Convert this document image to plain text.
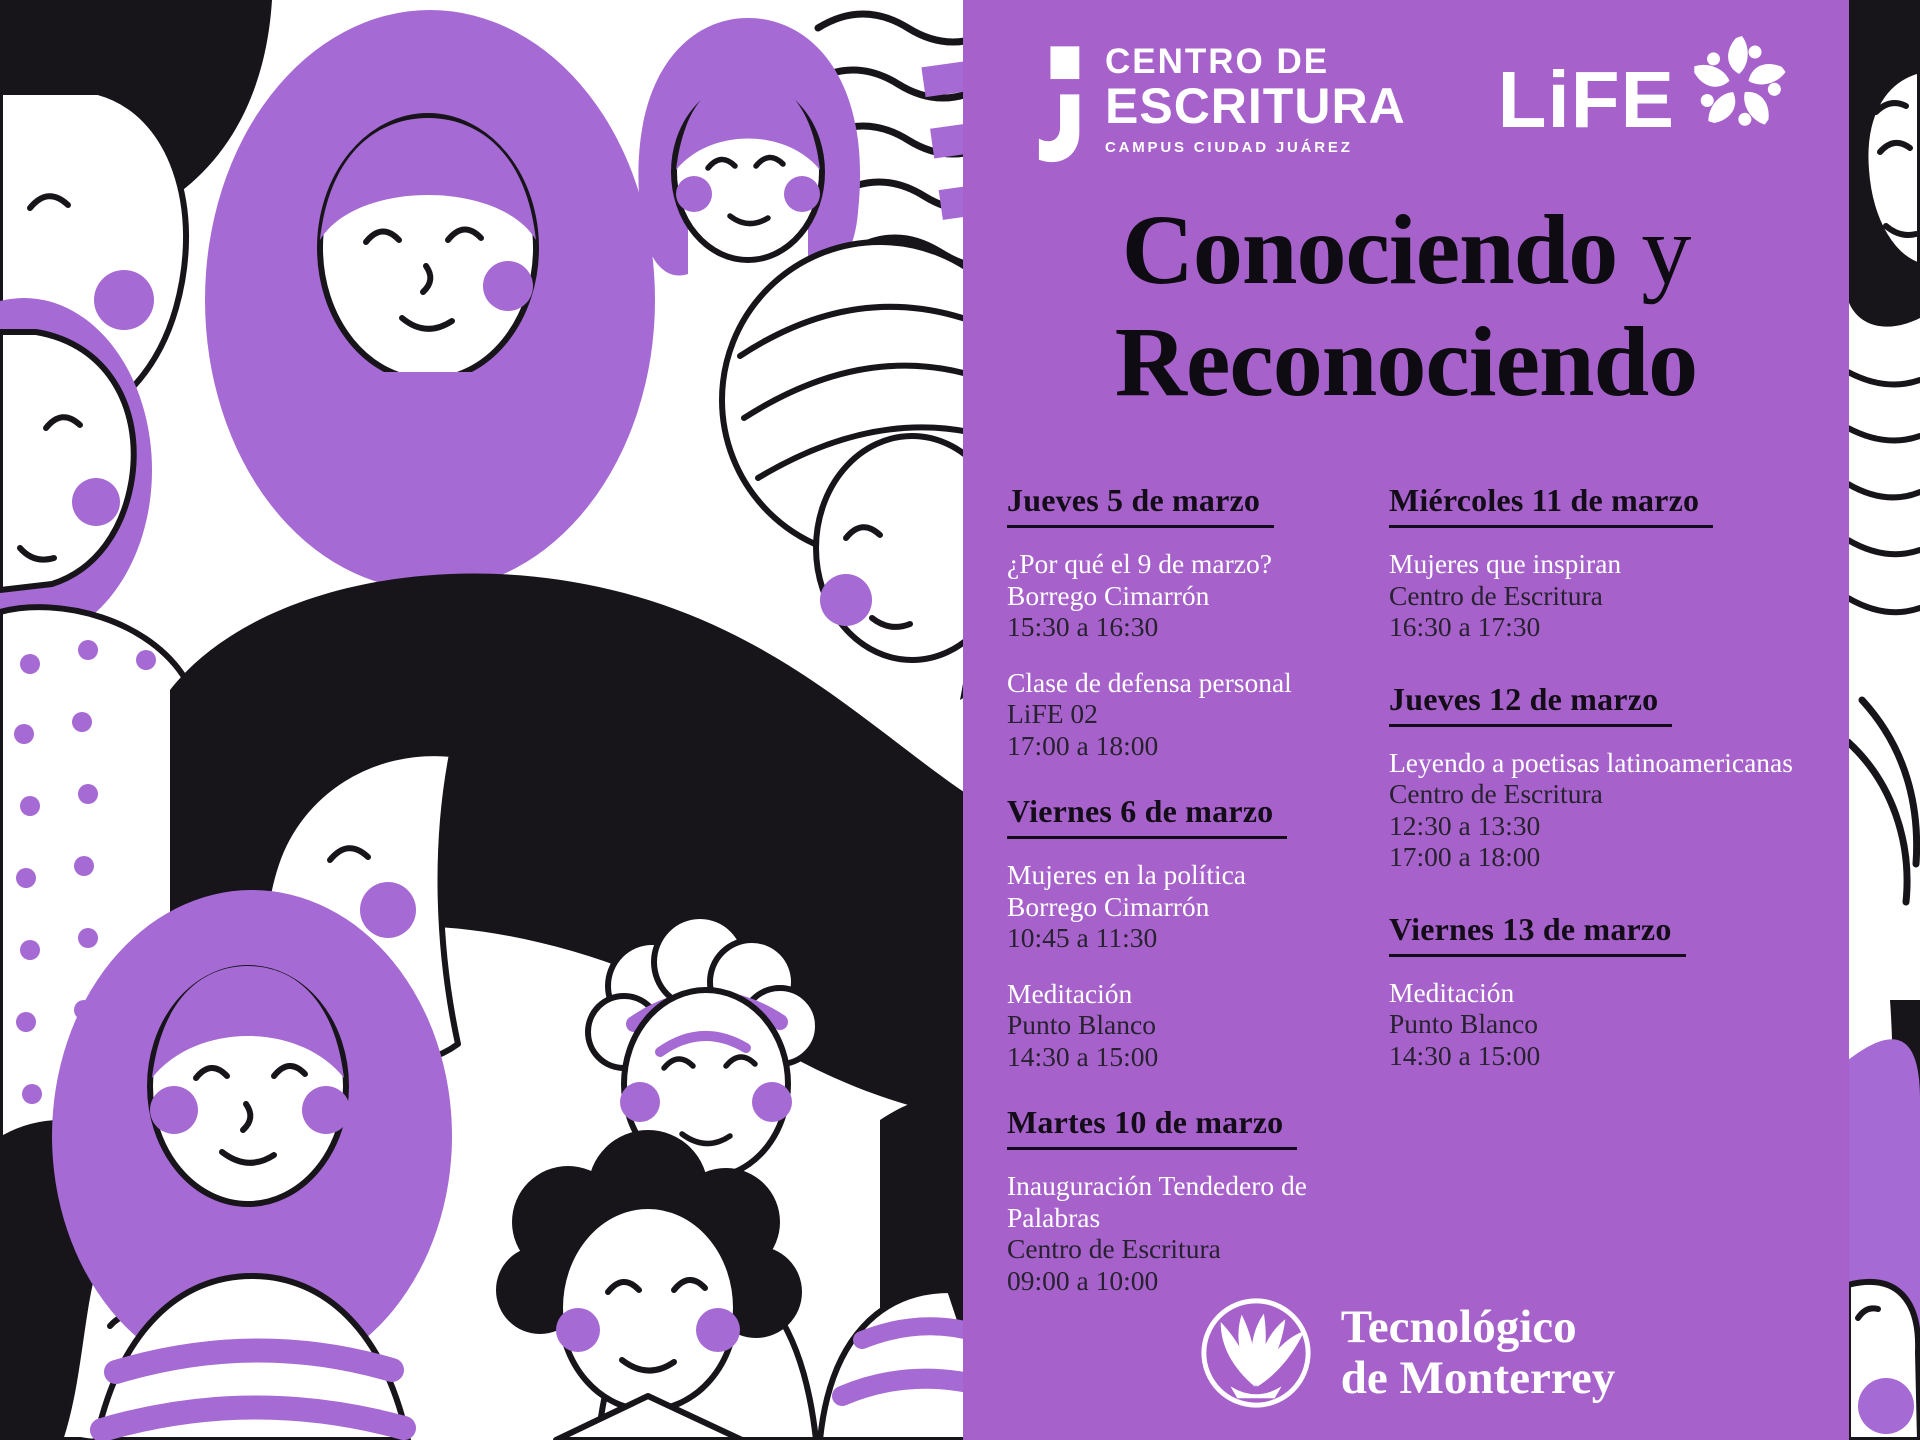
CENTRO DE
ESCRITURA
CAMPUS CIUDAD JUÁREZ
LiFE
Conociendo y
Reconociendo
Jueves 5 de marzo
¿Por qué el 9 de marzo?
Borrego Cimarrón
15:30 a 16:30
Clase de defensa personal
LiFE 02
17:00 a 18:00
Viernes 6 de marzo
Mujeres en la política
Borrego Cimarrón
10:45 a 11:30
Meditación
Punto Blanco
14:30 a 15:00
Martes 10 de marzo
Inauguración Tendedero de Palabras
Centro de Escritura
09:00 a 10:00
Miércoles 11 de marzo
Mujeres que inspiran
Centro de Escritura
16:30 a 17:30
Jueves 12 de marzo
Leyendo a poetisas latinoamericanas
Centro de Escritura
12:30 a 13:30
17:00 a 18:00
Viernes 13 de marzo
Meditación
Punto Blanco
14:30 a 15:00
Tecnológico
de Monterrey
